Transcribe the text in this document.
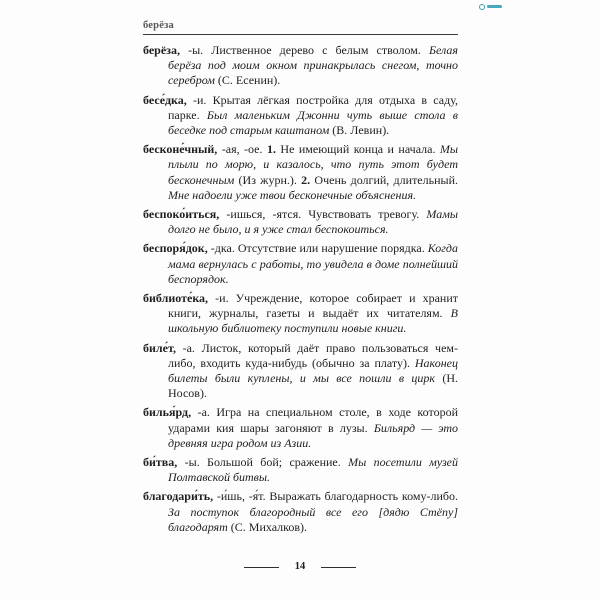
берёза

берёза, -ы. Лиственное дерево с белым стволом. Белая берёза под моим окном принакрылась снегом, точно серебром (С. Есенин).

бесе́дка, -и. Крытая лёгкая постройка для отдыха в саду, парке. Был маленьким Джонни чуть выше стола в беседке под старым каштаном (В. Левин).

бесконе́чный, -ая, -ое. 1. Не имеющий конца и начала. Мы плыли по морю, и казалось, что путь этот будет бесконечным (Из журн.). 2. Очень долгий, длительный. Мне надоели уже твои бесконечные объяснения.

беспоко́иться, -ишься, -ятся. Чувствовать тревогу. Мамы долго не было, и я уже стал беспокоиться.

беспоря́док, -дка. Отсутствие или нарушение порядка. Когда мама вернулась с работы, то увидела в доме полнейший беспорядок.

библиоте́ка, -и. Учреждение, которое собирает и хранит книги, журналы, газеты и выдаёт их читателям. В школьную библиотеку поступили новые книги.

биле́т, -а. Листок, который даёт право пользоваться чем-либо, входить куда-нибудь (обычно за плату). Наконец билеты были куплены, и мы все пошли в цирк (Н. Носов).

билья́рд, -а. Игра на специальном столе, в ходе которой ударами кия шары загоняют в лузы. Бильярд — это древняя игра родом из Азии.

би́тва, -ы. Большой бой; сражение. Мы посетили музей Полтавской битвы.

благодари́ть, -и́шь, -я́т. Выражать благодарность кому-либо. За поступок благородный все его [дядю Стёпу] благодарят (С. Михалков).

14
